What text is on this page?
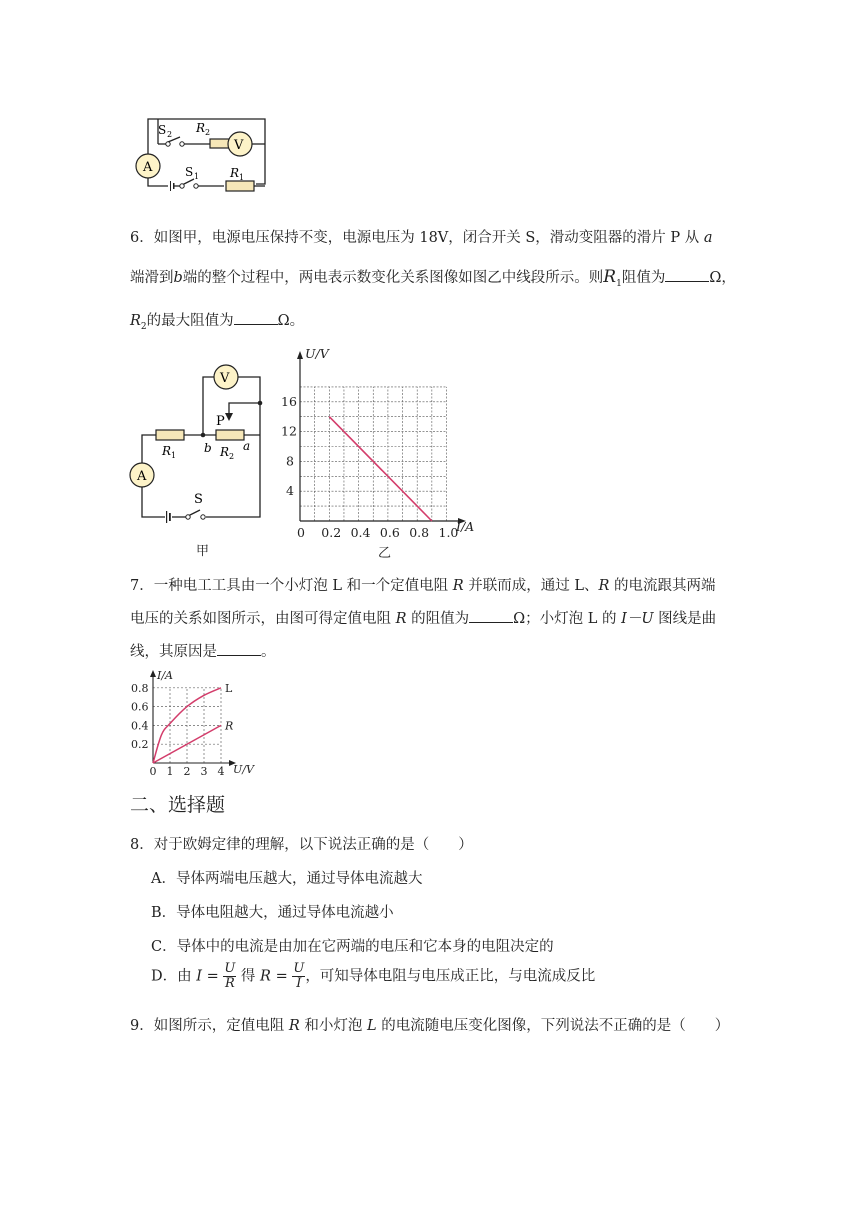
A
V
S 2 R 2
S 1	R 1
6．如图甲，电源电压保持不变，电源电压为 18V，闭合开关 S，滑动变阻器的滑片 P 从 a
端滑到b端的整个过程中，两电表示数变化关系图像如图乙中线段所示。则$R_1$阻值为	Ω，
$R_2$的最大阻值为	Ω。
V
A
P
R 1
b R 2
a
S
甲
0 0.2 0.4 0.6 0.8 1.0
4
8
12
16
U/V
I/A
乙
7．一种电工工具由一个小灯泡 L 和一个定值电阻 R 并联而成，通过 L、R 的电流跟其两端
电压的关系如图所示，由图可得定值电阻 R 的阻值为	Ω；小灯泡 L 的 I－U 图线是曲
线，其原因是	。
0 1 2 3 4
0.2
0.4
0.6
0.8
I/A
U/V
L
R
二、选择题
8．对于欧姆定律的理解，以下说法正确的是（　　）
A．导体两端电压越大，通过导体电流越大
B．导体电阻越大，通过导体电流越小
C．导体中的电流是由加在它两端的电压和它本身的电阻决定的
D．由 $I = \frac{U}{R}$ 得 $R = \frac{U}{I}$ ，可知导体电阻与电压成正比，与电流成反比
9．如图所示，定值电阻 R 和小灯泡 L 的电流随电压变化图像，下列说法不正确的是（　　）
